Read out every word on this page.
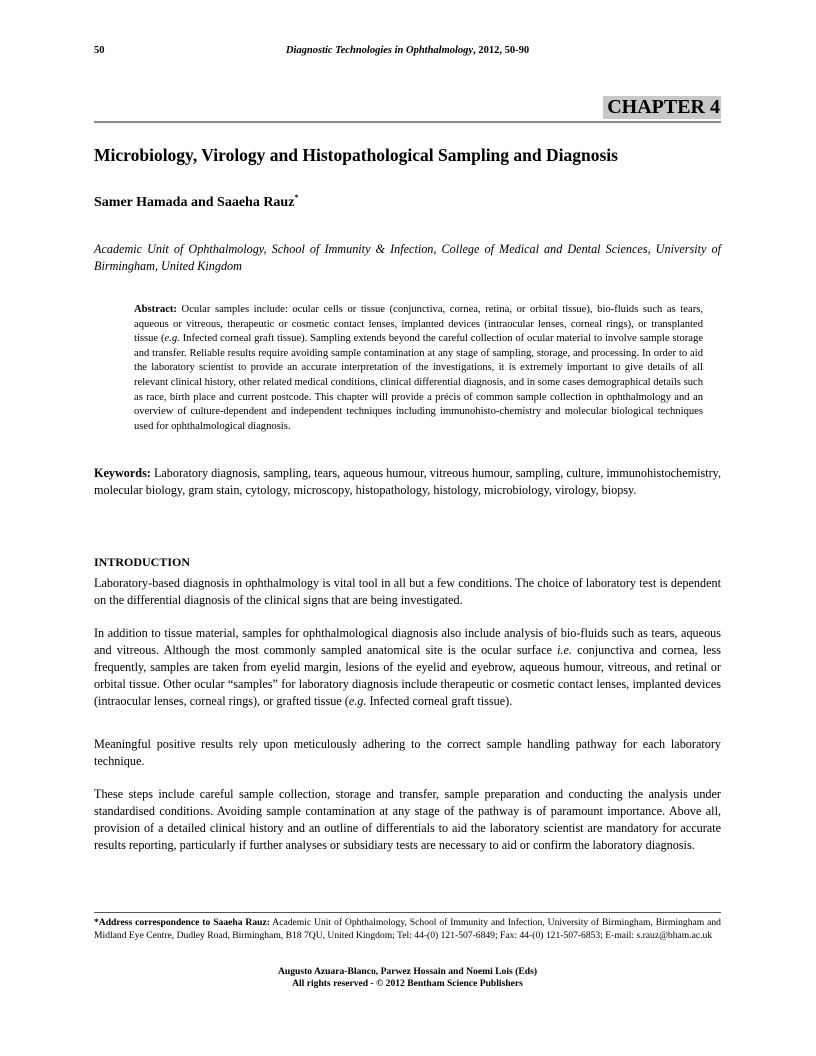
50	Diagnostic Technologies in Ophthalmology, 2012, 50-90
CHAPTER 4
Microbiology, Virology and Histopathological Sampling and Diagnosis

Samer Hamada and Saaeha Rauz*

Academic Unit of Ophthalmology, School of Immunity & Infection, College of Medical and Dental Sciences, University of Birmingham, United Kingdom

Abstract: Ocular samples include: ocular cells or tissue (conjunctiva, cornea, retina, or orbital tissue), bio-fluids such as tears, aqueous or vitreous, therapeutic or cosmetic contact lenses, implanted devices (intraocular lenses, corneal rings), or transplanted tissue (e.g. Infected corneal graft tissue). Sampling extends beyond the careful collection of ocular material to involve sample storage and transfer. Reliable results require avoiding sample contamination at any stage of sampling, storage, and processing. In order to aid the laboratory scientist to provide an accurate interpretation of the investigations, it is extremely important to give details of all relevant clinical history, other related medical conditions, clinical differential diagnosis, and in some cases demographical details such as race, birth place and current postcode. This chapter will provide a précis of common sample collection in ophthalmology and an overview of culture-dependent and independent techniques including immunohisto-chemistry and molecular biological techniques used for ophthalmological diagnosis.

Keywords: Laboratory diagnosis, sampling, tears, aqueous humour, vitreous humour, sampling, culture, immunohistochemistry, molecular biology, gram stain, cytology, microscopy, histopathology, histology, microbiology, virology, biopsy.

INTRODUCTION

Laboratory-based diagnosis in ophthalmology is vital tool in all but a few conditions. The choice of laboratory test is dependent on the differential diagnosis of the clinical signs that are being investigated.

In addition to tissue material, samples for ophthalmological diagnosis also include analysis of bio-fluids such as tears, aqueous and vitreous. Although the most commonly sampled anatomical site is the ocular surface i.e. conjunctiva and cornea, less frequently, samples are taken from eyelid margin, lesions of the eyelid and eyebrow, aqueous humour, vitreous, and retinal or orbital tissue. Other ocular “samples” for laboratory diagnosis include therapeutic or cosmetic contact lenses, implanted devices (intraocular lenses, corneal rings), or grafted tissue (e.g. Infected corneal graft tissue).

Meaningful positive results rely upon meticulously adhering to the correct sample handling pathway for each laboratory technique.

These steps include careful sample collection, storage and transfer, sample preparation and conducting the analysis under standardised conditions. Avoiding sample contamination at any stage of the pathway is of paramount importance. Above all, provision of a detailed clinical history and an outline of differentials to aid the laboratory scientist are mandatory for accurate results reporting, particularly if further analyses or subsidiary tests are necessary to aid or confirm the laboratory diagnosis.

*Address correspondence to Saaeha Rauz: Academic Unit of Ophthalmology, School of Immunity and Infection, University of Birmingham, Birmingham and Midland Eye Centre, Dudley Road, Birmingham, B18 7QU, United Kingdom; Tel: 44-(0) 121-507-6849; Fax: 44-(0) 121-507-6853; E-mail: s.rauz@bham.ac.uk

Augusto Azuara-Blanco, Parwez Hossain and Noemi Lois (Eds)
All rights reserved - © 2012 Bentham Science Publishers
